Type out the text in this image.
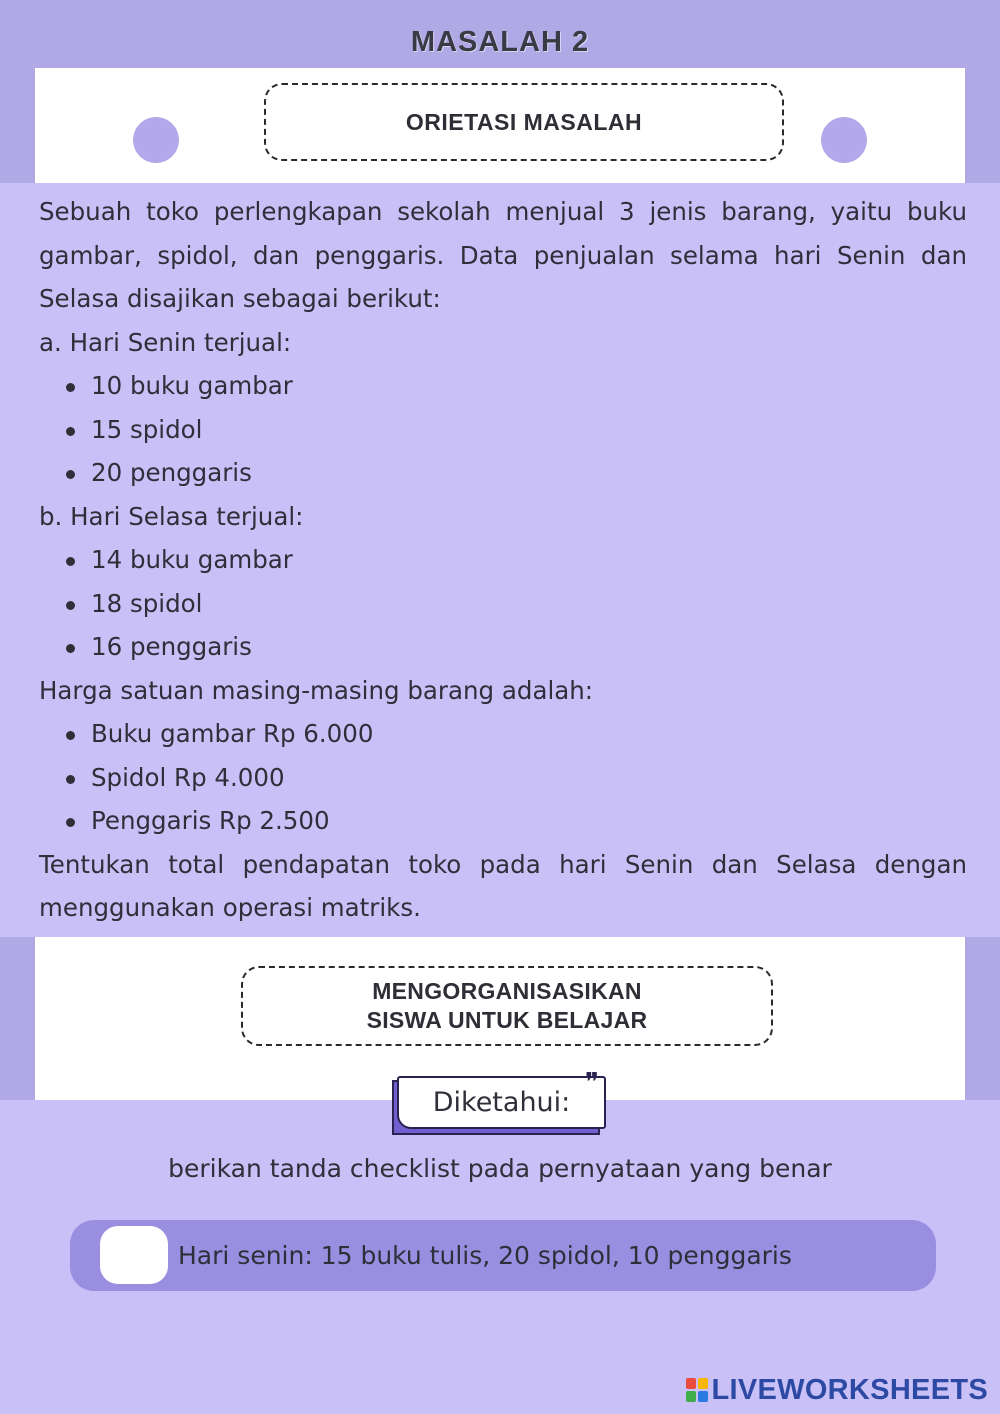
MASALAH 2
ORIETASI MASALAH

Sebuah toko perlengkapan sekolah menjual 3 jenis barang, yaitu buku gambar, spidol, dan penggaris. Data penjualan selama hari Senin dan Selasa disajikan sebagai berikut:

a. Hari Senin terjual:

10 buku gambar

15 spidol

20 penggaris

b. Hari Selasa terjual:

14 buku gambar

18 spidol

16 penggaris

Harga satuan masing-masing barang adalah:

Buku gambar Rp 6.000

Spidol Rp 4.000

Penggaris Rp 2.500

Tentukan total pendapatan toko pada hari Senin dan Selasa dengan menggunakan operasi matriks.

MENGORGANISASIKAN
SISWA UNTUK BELAJAR
Diketahui:
❞
berikan tanda checklist pada pernyataan yang benar
Hari senin: 15 buku tulis, 20 spidol, 10 penggaris
LIVEWORKSHEETS
